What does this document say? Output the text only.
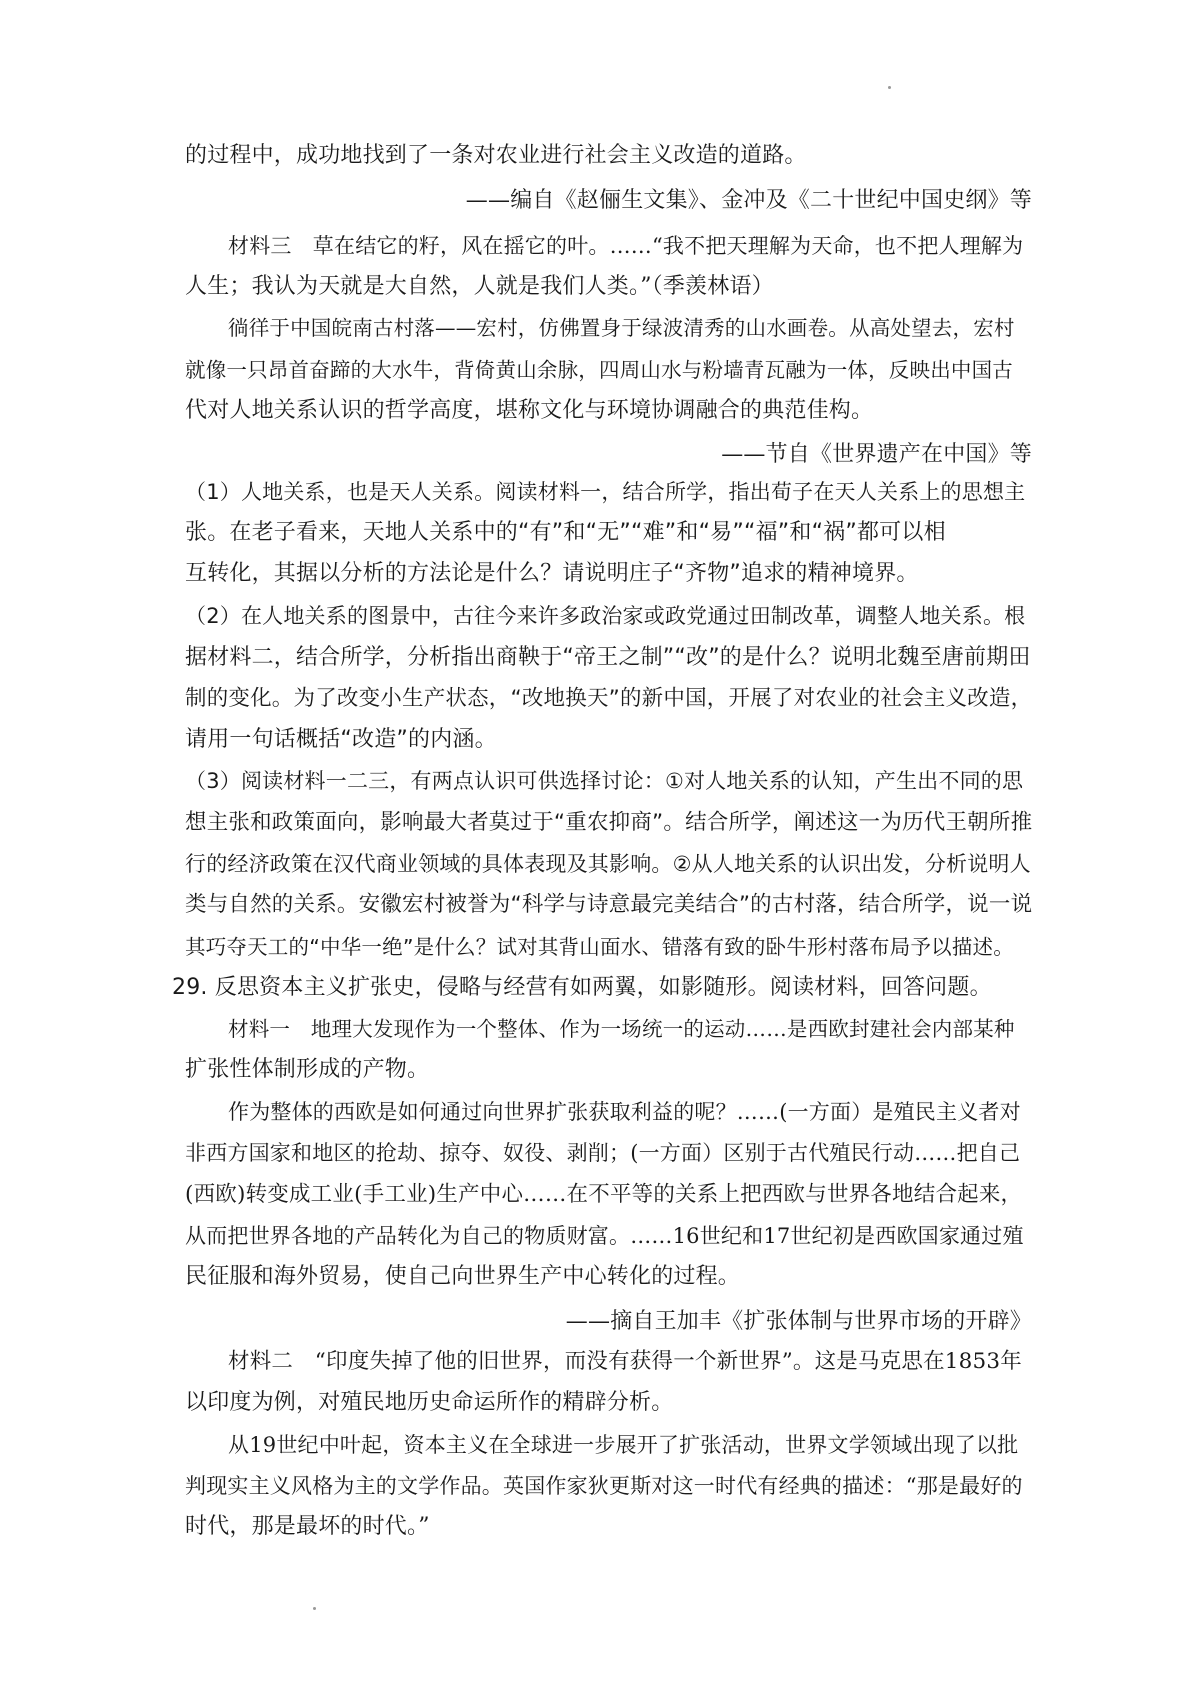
的过程中，成功地找到了一条对农业进行社会主义改造的道路。
——编自《赵俪生文集》、金冲及《二十世纪中国史纲》等
材料三　草在结它的籽，风在摇它的叶。……“我不把天理解为天命，也不把人理解为
人生；我认为天就是大自然，人就是我们人类。”（季羡林语）
徜徉于中国皖南古村落——宏村，仿佛置身于绿波清秀的山水画卷。从高处望去，宏村
就像一只昂首奋蹄的大水牛，背倚黄山余脉，四周山水与粉墙青瓦融为一体，反映出中国古
代对人地关系认识的哲学高度，堪称文化与环境协调融合的典范佳构。
——节自《世界遗产在中国》等
（1）人地关系，也是天人关系。阅读材料一，结合所学，指出荀子在天人关系上的思想主
张。在老子看来，天地人关系中的“有”和“无”“难”和“易”“福”和“祸”都可以相
互转化，其据以分析的方法论是什么？请说明庄子“齐物”追求的精神境界。
（2）在人地关系的图景中，古往今来许多政治家或政党通过田制改革，调整人地关系。根
据材料二，结合所学，分析指出商鞅于“帝王之制”“改”的是什么？说明北魏至唐前期田
制的变化。为了改变小生产状态，“改地换天”的新中国，开展了对农业的社会主义改造，
请用一句话概括“改造”的内涵。
（3）阅读材料一二三，有两点认识可供选择讨论：①对人地关系的认知，产生出不同的思
想主张和政策面向，影响最大者莫过于“重农抑商”。结合所学，阐述这一为历代王朝所推
行的经济政策在汉代商业领域的具体表现及其影响。②从人地关系的认识出发，分析说明人
类与自然的关系。安徽宏村被誉为“科学与诗意最完美结合”的古村落，结合所学，说一说
其巧夺天工的“中华一绝”是什么？试对其背山面水、错落有致的卧牛形村落布局予以描述。
29. 反思资本主义扩张史，侵略与经营有如两翼，如影随形。阅读材料，回答问题。
材料一　地理大发现作为一个整体、作为一场统一的运动……是西欧封建社会内部某种
扩张性体制形成的产物。
作为整体的西欧是如何通过向世界扩张获取利益的呢？……(一方面）是殖民主义者对
非西方国家和地区的抢劫、掠夺、奴役、剥削；(一方面）区别于古代殖民行动……把自己
(西欧)转变成工业(手工业)生产中心……在不平等的关系上把西欧与世界各地结合起来，
从而把世界各地的产品转化为自己的物质财富。……16世纪和17世纪初是西欧国家通过殖
民征服和海外贸易，使自己向世界生产中心转化的过程。
——摘自王加丰《扩张体制与世界市场的开辟》
材料二　“印度失掉了他的旧世界，而没有获得一个新世界”。这是马克思在1853年
以印度为例，对殖民地历史命运所作的精辟分析。
从19世纪中叶起，资本主义在全球进一步展开了扩张活动，世界文学领域出现了以批
判现实主义风格为主的文学作品。英国作家狄更斯对这一时代有经典的描述：“那是最好的
时代，那是最坏的时代。”
